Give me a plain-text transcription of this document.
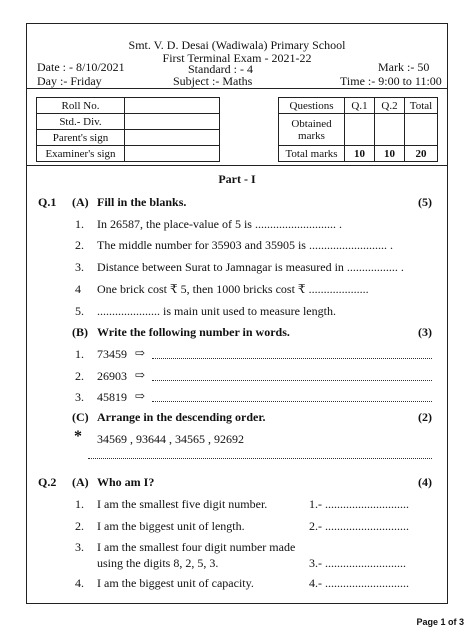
Smt. V. D. Desai (Wadiwala) Primary School
First Terminal Exam - 2021-22
Date : - 8/10/2021	Standard : - 4	Mark :- 50
Day :- Friday	Subject :- Maths	Time :- 9:00 to 11:00
Roll No.	
Std.- Div.	
Parent's sign	
Examiner's sign	
Questions	Q.1	Q.2	Total
Obtained marks			
Total marks	10	10	20
Part - I
Q.1 (A) Fill in the blanks.	(5)
1. In 26587, the place-value of 5 is ........................... .
2. The middle number for 35903 and 35905 is .......................... .
3. Distance between Surat to Jamnagar is measured in ................. .
4 One brick cost ₹ 5, then 1000 bricks cost ₹ ....................
5. ..................... is main unit used to measure length.
(B) Write the following number in words.	(3)
1. 73459 ⇨
2. 26903 ⇨
3. 45819 ⇨
(C) Arrange in the descending order.	(2)
* 34569 , 93644 , 34565 , 92692
Q.2 (A) Who am I?	(4)
1. I am the smallest five digit number.	1.- ............................
2. I am the biggest unit of length.	2.- ............................
3. I am the smallest four digit number made
using the digits 8, 2, 5, 3.	3.- ...........................
4. I am the biggest unit of capacity.	4.- ............................
Page 1 of 3
